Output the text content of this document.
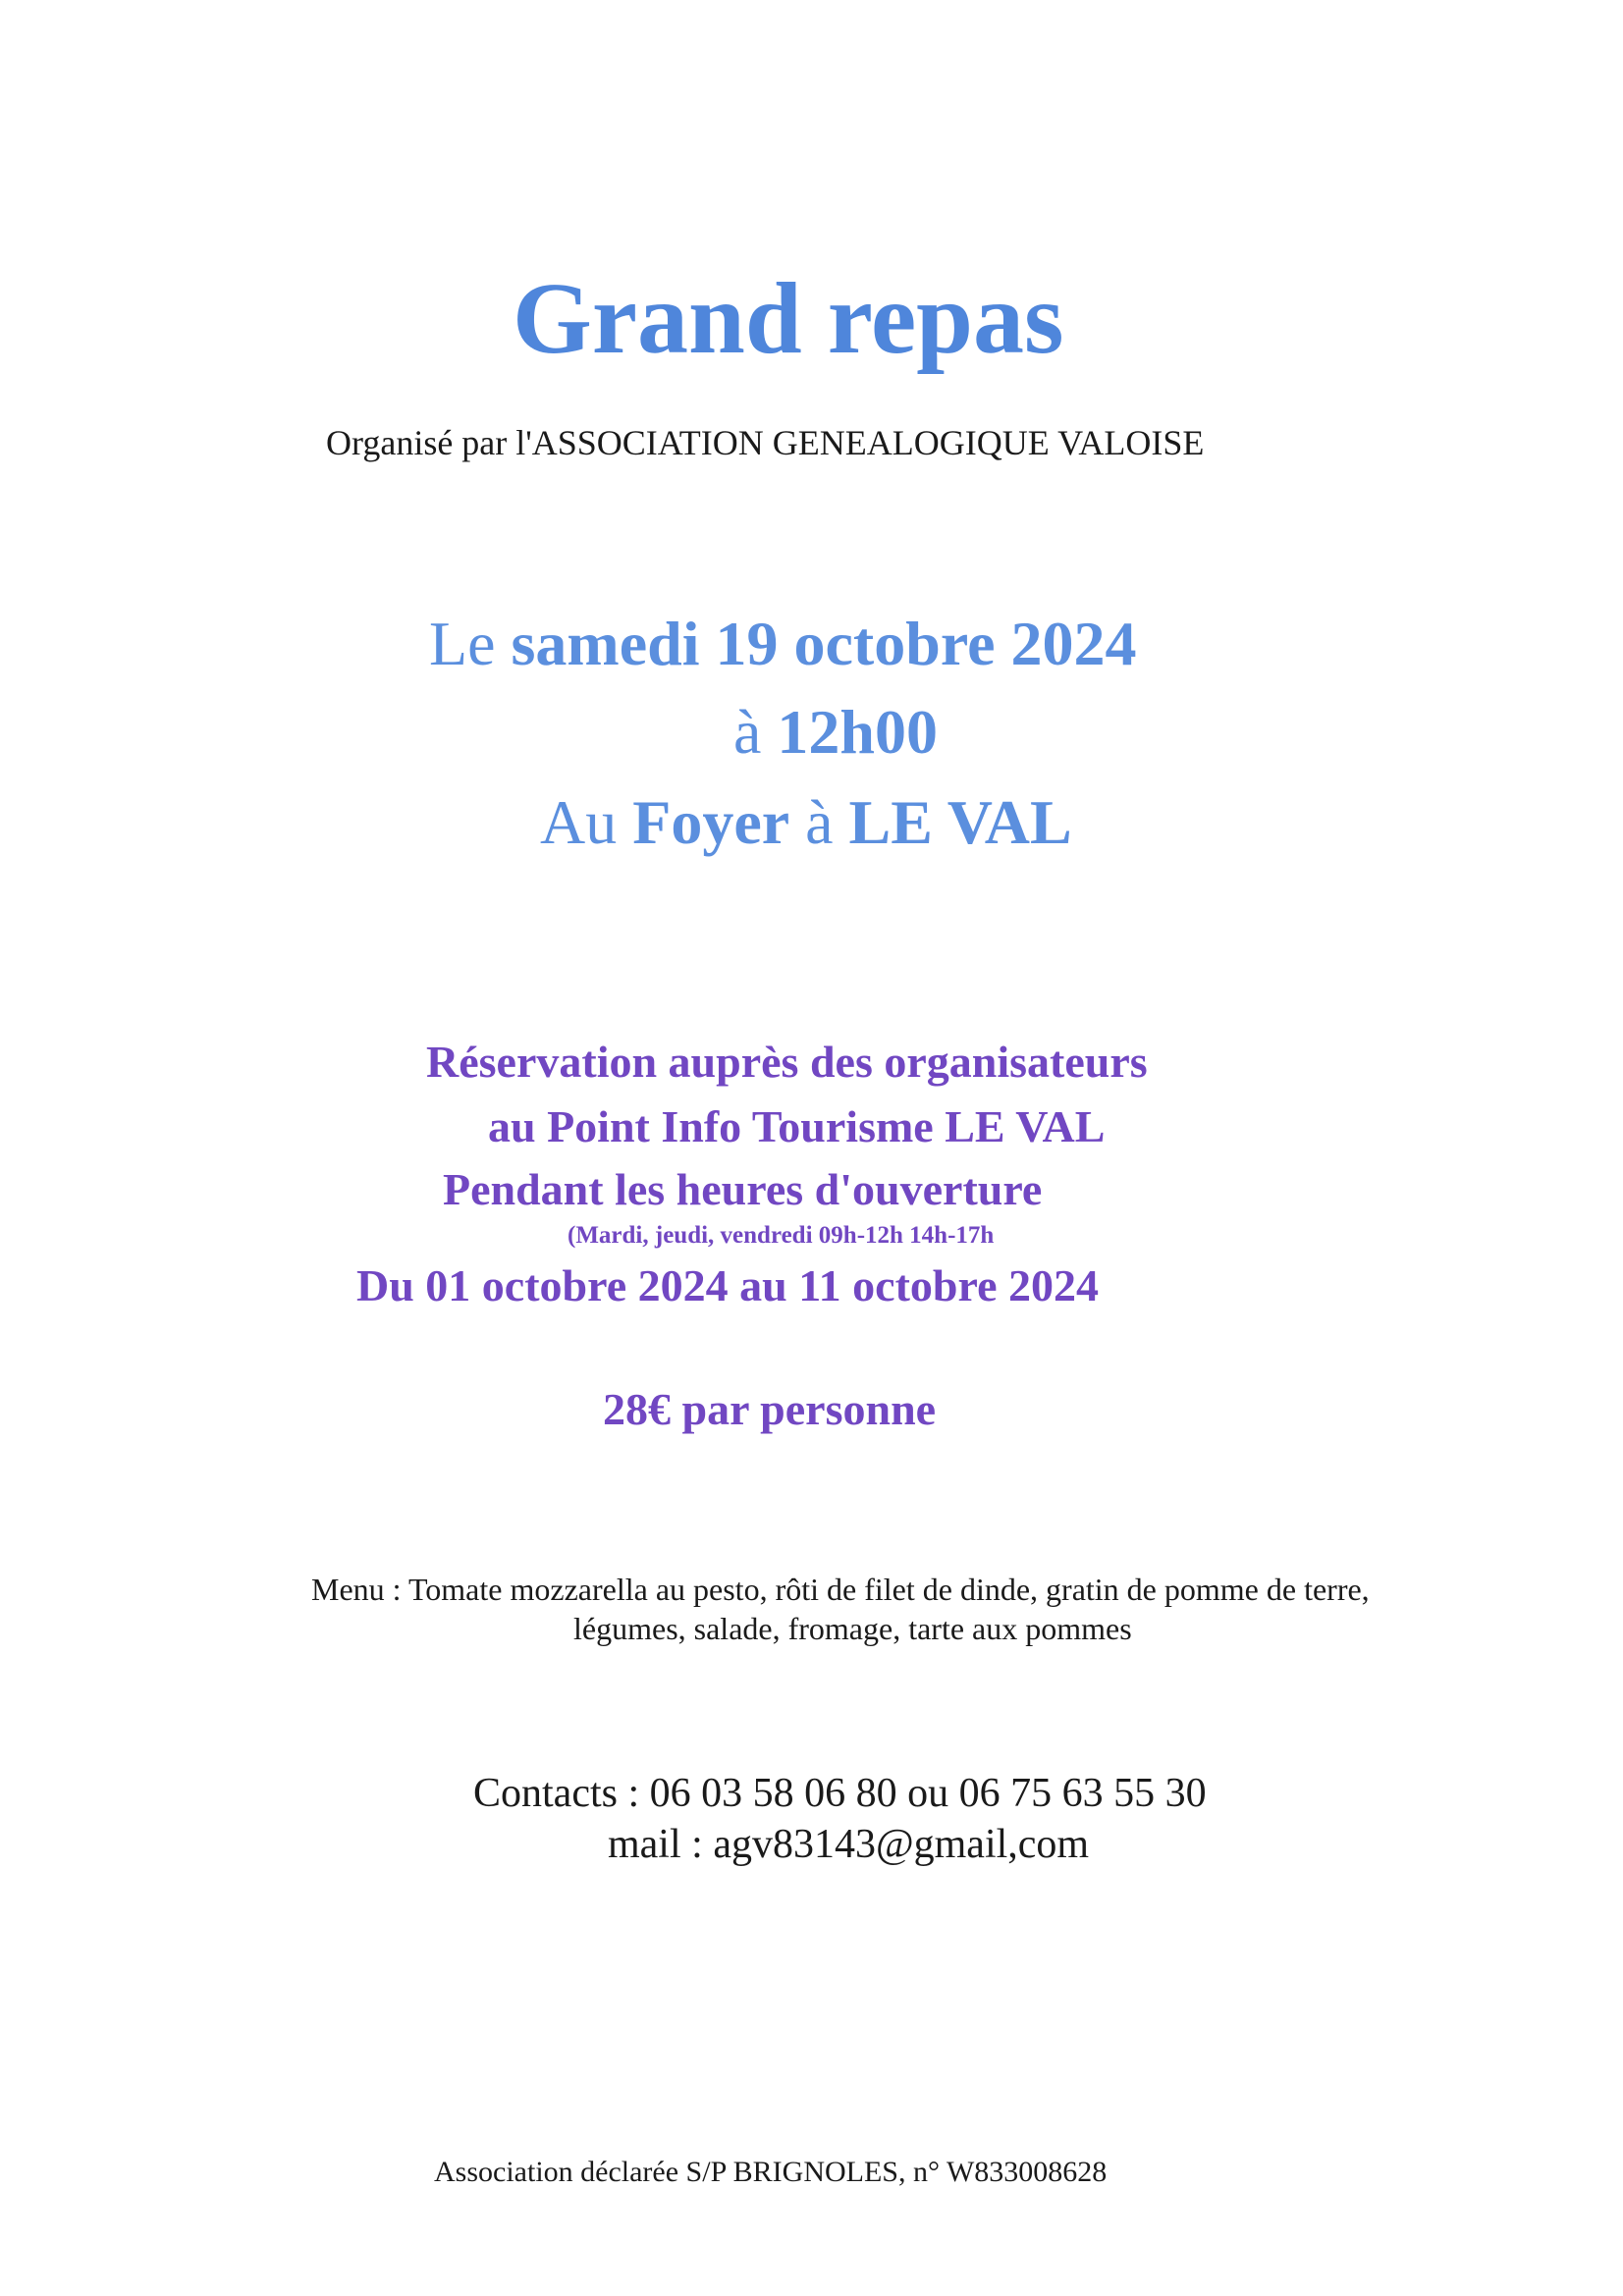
Grand repas
Organisé par l'ASSOCIATION GENEALOGIQUE VALOISE
Le samedi 19 octobre 2024
à 12h00
Au Foyer à LE VAL
Réservation auprès des organisateurs
au Point Info Tourisme LE VAL
Pendant les heures d'ouverture
(Mardi, jeudi, vendredi 09h-12h 14h-17h
Du 01 octobre 2024 au 11 octobre 2024
28€ par personne
Menu : Tomate mozzarella au pesto, rôti de filet de dinde, gratin de pomme de terre,
légumes, salade, fromage, tarte aux pommes
Contacts : 06 03 58 06 80 ou 06 75 63 55 30
mail : agv83143@gmail,com
Association déclarée S/P BRIGNOLES, n° W833008628
